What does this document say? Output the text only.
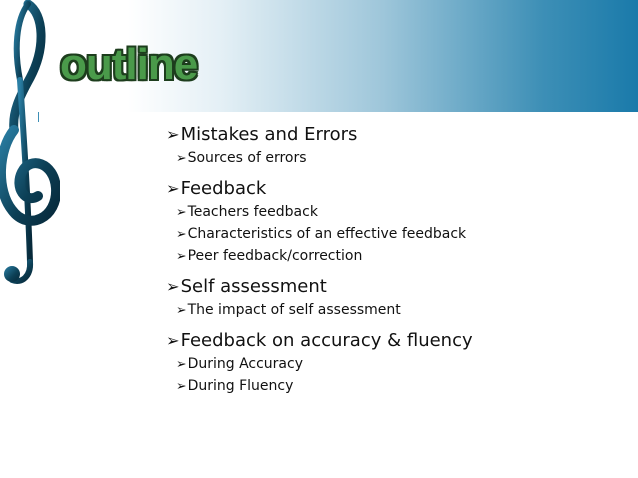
outline
➢Mistakes and Errors
➢Sources of errors
➢Feedback
➢Teachers feedback
➢Characteristics of an effective feedback
➢Peer feedback/correction
➢Self assessment
➢The impact of self assessment
➢Feedback on accuracy & fluency
➢During Accuracy
➢During Fluency
